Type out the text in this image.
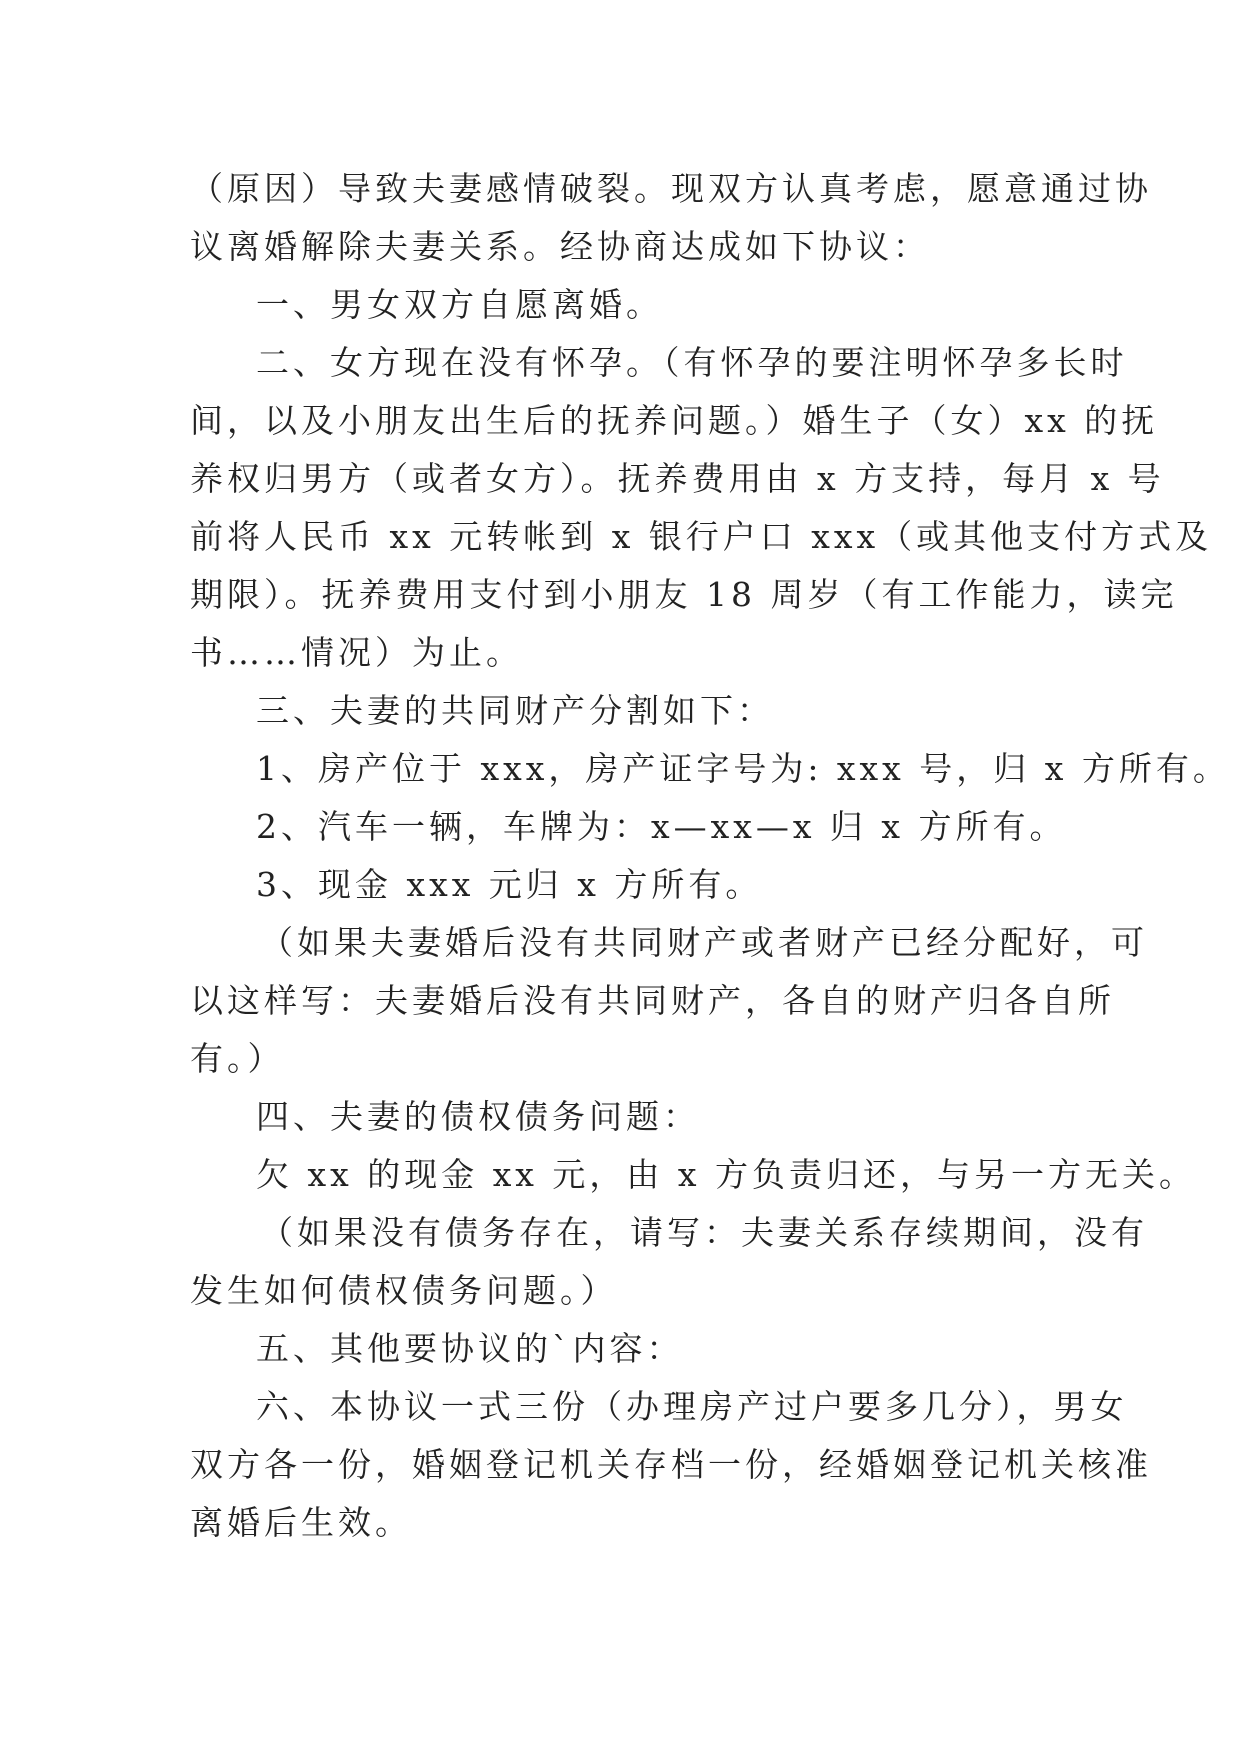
（原因）导致夫妻感情破裂。现双方认真考虑，愿意通过协
议离婚解除夫妻关系。经协商达成如下协议：
一、男女双方自愿离婚。
二、女方现在没有怀孕。（有怀孕的要注明怀孕多长时
间，以及小朋友出生后的抚养问题。）婚生子（女）xx 的抚
养权归男方（或者女方）。抚养费用由 x 方支持，每月 x 号
前将人民币 xx 元转帐到 x 银行户口 xxx（或其他支付方式及
期限）。抚养费用支付到小朋友 18 周岁（有工作能力，读完
书……情况）为止。
三、夫妻的共同财产分割如下：
1、房产位于 xxx，房产证字号为: xxx 号，归 x 方所有。
2、汽车一辆，车牌为：x—xx—x 归 x 方所有。
3、现金 xxx 元归 x 方所有。
（如果夫妻婚后没有共同财产或者财产已经分配好，可
以这样写：夫妻婚后没有共同财产，各自的财产归各自所
有。）
四、夫妻的债权债务问题：
欠 xx 的现金 xx 元，由 x 方负责归还，与另一方无关。
（如果没有债务存在，请写：夫妻关系存续期间，没有
发生如何债权债务问题。）
五、其他要协议的`内容：
六、本协议一式三份（办理房产过户要多几分），男女
双方各一份，婚姻登记机关存档一份，经婚姻登记机关核准
离婚后生效。
